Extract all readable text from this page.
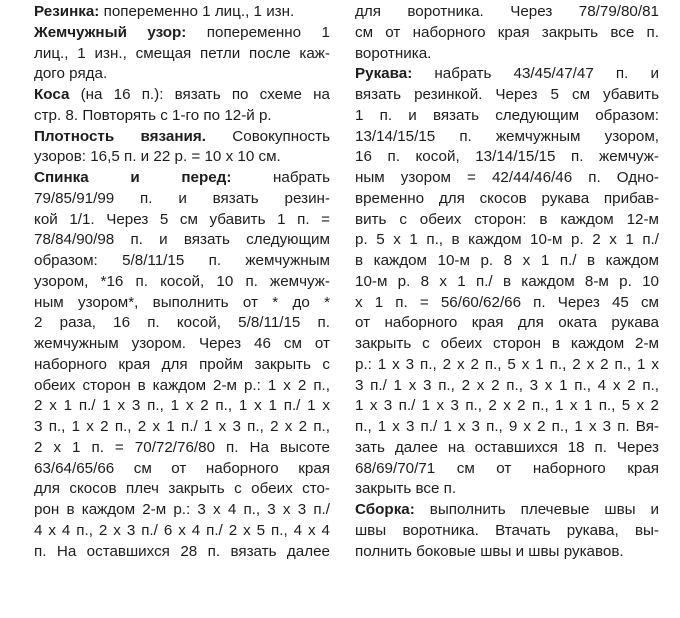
Резинка: попеременно 1 лиц., 1 изн.
Жемчужный узор: попеременно 1
лиц., 1 изн., смещая петли после каж-
дого ряда.
Коса (на 16 п.): вязать по схеме на
стр. 8. Повторять с 1-го по 12-й р.
Плотность вязания. Совокупность
узоров: 16,5 п. и 22 р. = 10 x 10 см.
Спинка и перед: набрать
79/85/91/99 п. и вязать резин-
кой 1/1. Через 5 см убавить 1 п. =
78/84/90/98 п. и вязать следующим
образом: 5/8/11/15 п. жемчужным
узором, *16 п. косой, 10 п. жемчуж-
ным узором*, выполнить от * до *
2 раза, 16 п. косой, 5/8/11/15 п.
жемчужным узором. Через 46 см от
наборного края для пройм закрыть с
обеих сторон в каждом 2-м р.: 1 x 2 п.,
2 x 1 п./ 1 x 3 п., 1 x 2 п., 1 x 1 п./ 1 x
3 п., 1 x 2 п., 2 x 1 п./ 1 x 3 п., 2 x 2 п.,
2 x 1 п. = 70/72/76/80 п. На высоте
63/64/65/66 см от наборного края
для скосов плеч закрыть с обеих сто-
рон в каждом 2-м р.: 3 x 4 п., 3 x 3 п./
4 x 4 п., 2 x 3 п./ 6 x 4 п./ 2 x 5 п., 4 x 4
п. На оставшихся 28 п. вязать далее
для воротника. Через 78/79/80/81
см от наборного края закрыть все п.
воротника.
Рукава: набрать 43/45/47/47 п. и
вязать резинкой. Через 5 см убавить
1 п. и вязать следующим образом:
13/14/15/15 п. жемчужным узором,
16 п. косой, 13/14/15/15 п. жемчуж-
ным узором = 42/44/46/46 п. Одно-
временно для скосов рукава прибав-
вить с обеих сторон: в каждом 12-м
р. 5 x 1 п., в каждом 10-м р. 2 x 1 п./
в каждом 10-м р. 8 x 1 п./ в каждом
10-м р. 8 x 1 п./ в каждом 8-м р. 10
x 1 п. = 56/60/62/66 п. Через 45 см
от наборного края для оката рукава
закрыть с обеих сторон в каждом 2-м
р.: 1 x 3 п., 2 x 2 п., 5 x 1 п., 2 x 2 п., 1 x
3 п./ 1 x 3 п., 2 x 2 п., 3 x 1 п., 4 x 2 п.,
1 x 3 п./ 1 x 3 п., 2 x 2 п., 1 x 1 п., 5 x 2
п., 1 x 3 п./ 1 x 3 п., 9 x 2 п., 1 x 3 п. Вя-
зать далее на оставшихся 18 п. Через
68/69/70/71 см от наборного края
закрыть все п.
Сборка: выполнить плечевые швы и
швы воротника. Втачать рукава, вы-
полнить боковые швы и швы рукавов.
